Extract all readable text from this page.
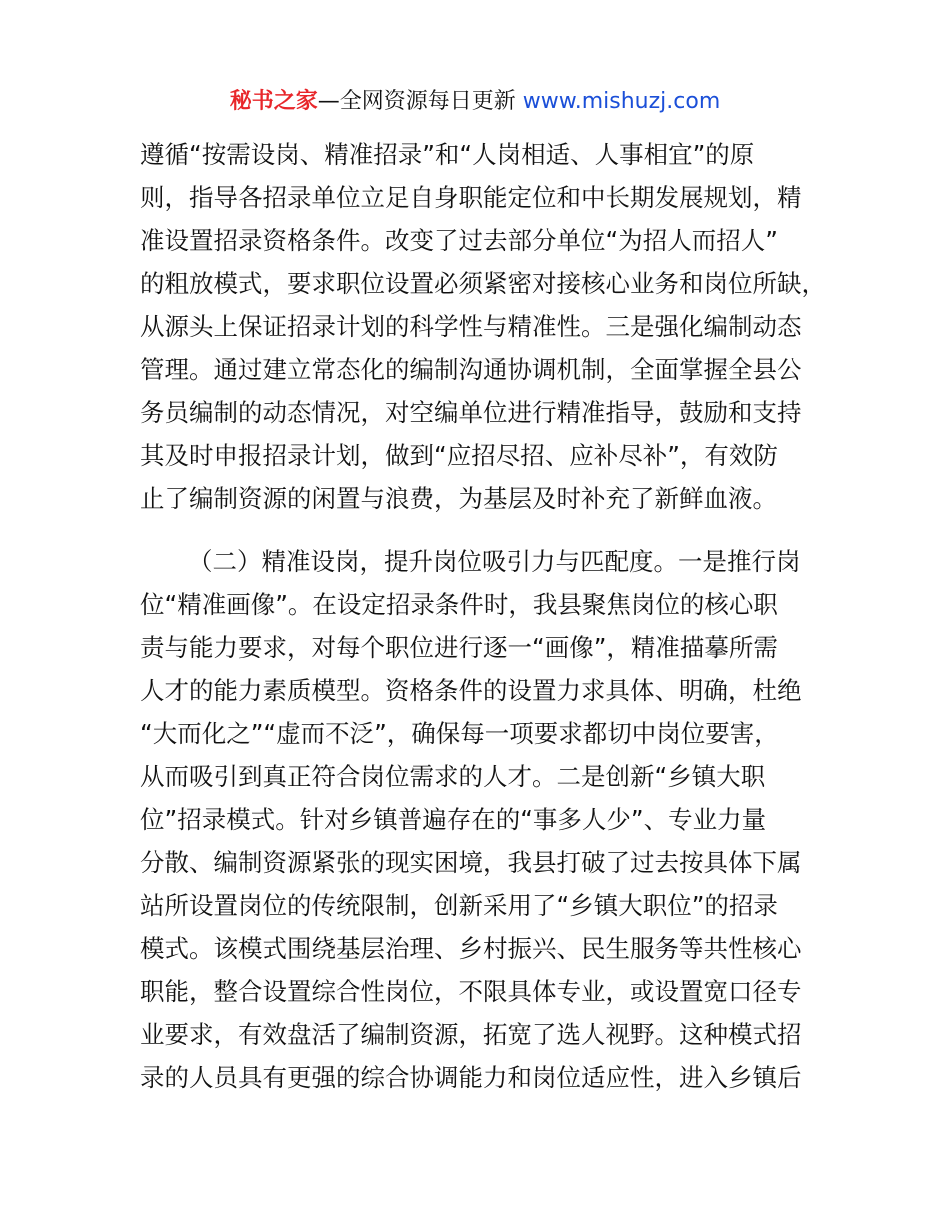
秘书之家—全网资源每日更新 www.mishuzj.com
遵循“按需设岗、精准招录”和“人岗相适、人事相宜”的原
则，指导各招录单位立足自身职能定位和中长期发展规划，精
准设置招录资格条件。改变了过去部分单位“为招人而招人”
的粗放模式，要求职位设置必须紧密对接核心业务和岗位所缺，
从源头上保证招录计划的科学性与精准性。三是强化编制动态
管理。通过建立常态化的编制沟通协调机制，全面掌握全县公
务员编制的动态情况，对空编单位进行精准指导，鼓励和支持
其及时申报招录计划，做到“应招尽招、应补尽补”，有效防
止了编制资源的闲置与浪费，为基层及时补充了新鲜血液。
（二）精准设岗，提升岗位吸引力与匹配度。一是推行岗
位“精准画像”。在设定招录条件时，我县聚焦岗位的核心职
责与能力要求，对每个职位进行逐一“画像”，精准描摹所需
人才的能力素质模型。资格条件的设置力求具体、明确，杜绝
“大而化之”“虚而不泛”，确保每一项要求都切中岗位要害，
从而吸引到真正符合岗位需求的人才。二是创新“乡镇大职
位”招录模式。针对乡镇普遍存在的“事多人少”、专业力量
分散、编制资源紧张的现实困境，我县打破了过去按具体下属
站所设置岗位的传统限制，创新采用了“乡镇大职位”的招录
模式。该模式围绕基层治理、乡村振兴、民生服务等共性核心
职能，整合设置综合性岗位，不限具体专业，或设置宽口径专
业要求，有效盘活了编制资源，拓宽了选人视野。这种模式招
录的人员具有更强的综合协调能力和岗位适应性，进入乡镇后
